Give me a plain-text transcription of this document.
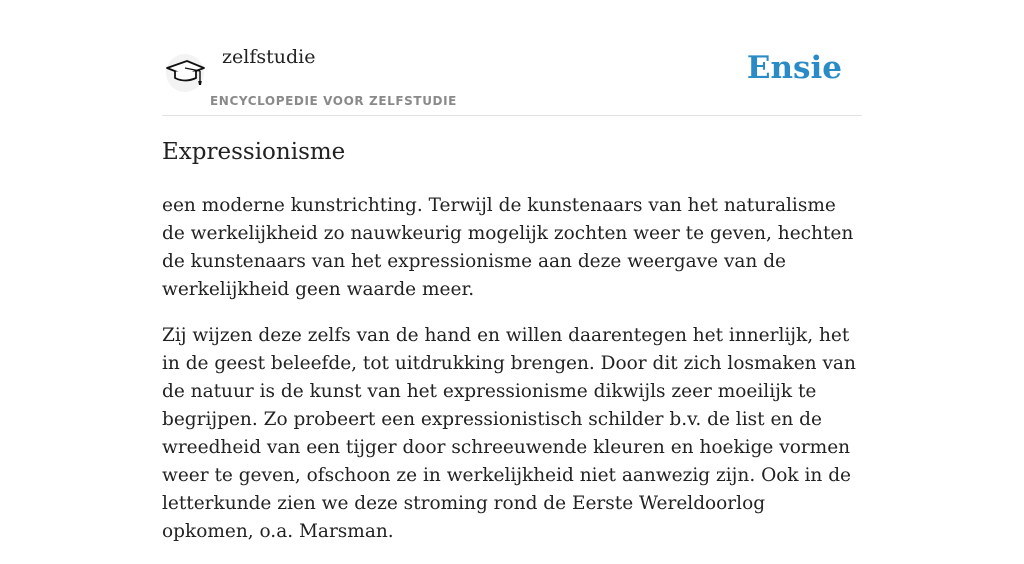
zelfstudie
ENCYCLOPEDIE VOOR ZELFSTUDIE
Ensie
Expressionisme

een moderne kunstrichting. Terwijl de kunstenaars van het naturalisme de werkelijkheid zo nauwkeurig mogelijk zochten weer te geven, hechten de kunstenaars van het expressionisme aan deze weergave van de werkelijkheid geen waarde meer.

Zij wijzen deze zelfs van de hand en willen daarentegen het innerlijk, het in de geest beleefde, tot uitdrukking brengen. Door dit zich losmaken van de natuur is de kunst van het expressionisme dikwijls zeer moeilijk te begrijpen. Zo probeert een expressionistisch schilder b.v. de list en de wreedheid van een tijger door schreeuwende kleuren en hoekige vormen weer te geven, ofschoon ze in werkelijkheid niet aanwezig zijn. Ook in de letterkunde zien we deze stroming rond de Eerste Wereldoorlog opkomen, o.a. Marsman.
